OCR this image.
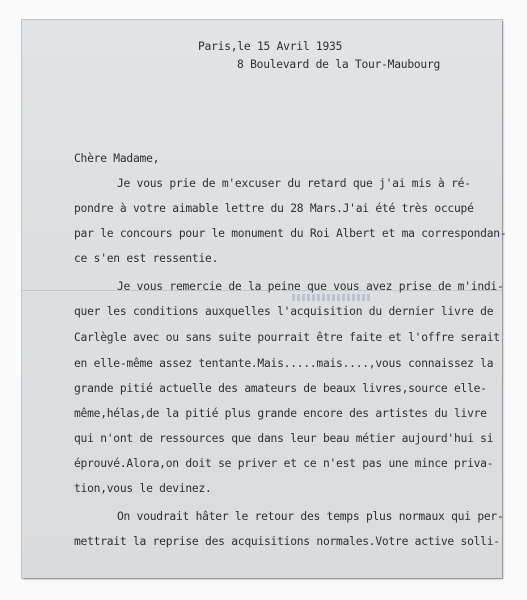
Paris,le 15 Avril 1935
8 Boulevard de la Tour-Maubourg
Chère Madame,
Je vous prie de m'excuser du retard que j'ai mis à ré-
pondre à votre aimable lettre du 28 Mars.J'ai été très occupé
par le concours pour le monument du Roi Albert et ma correspondan-
ce s'en est ressentie.
Je vous remercie de la peine que vous avez prise de m'indi-
quer les conditions auxquelles l'acquisition du dernier livre de
Carlègle avec ou sans suite pourrait être faite et l'offre serait
en elle-même assez tentante.Mais.....mais....,vous connaissez la
grande pitié actuelle des amateurs de beaux livres,source elle-
même,hélas,de la pitié plus grande encore des artistes du livre
qui n'ont de ressources que dans leur beau métier aujourd'hui si
éprouvé.Alora,on doit se priver et ce n'est pas une mince priva-
tion,vous le devinez.
On voudrait hâter le retour des temps plus normaux qui per-
mettrait la reprise des acquisitions normales.Votre active solli-
